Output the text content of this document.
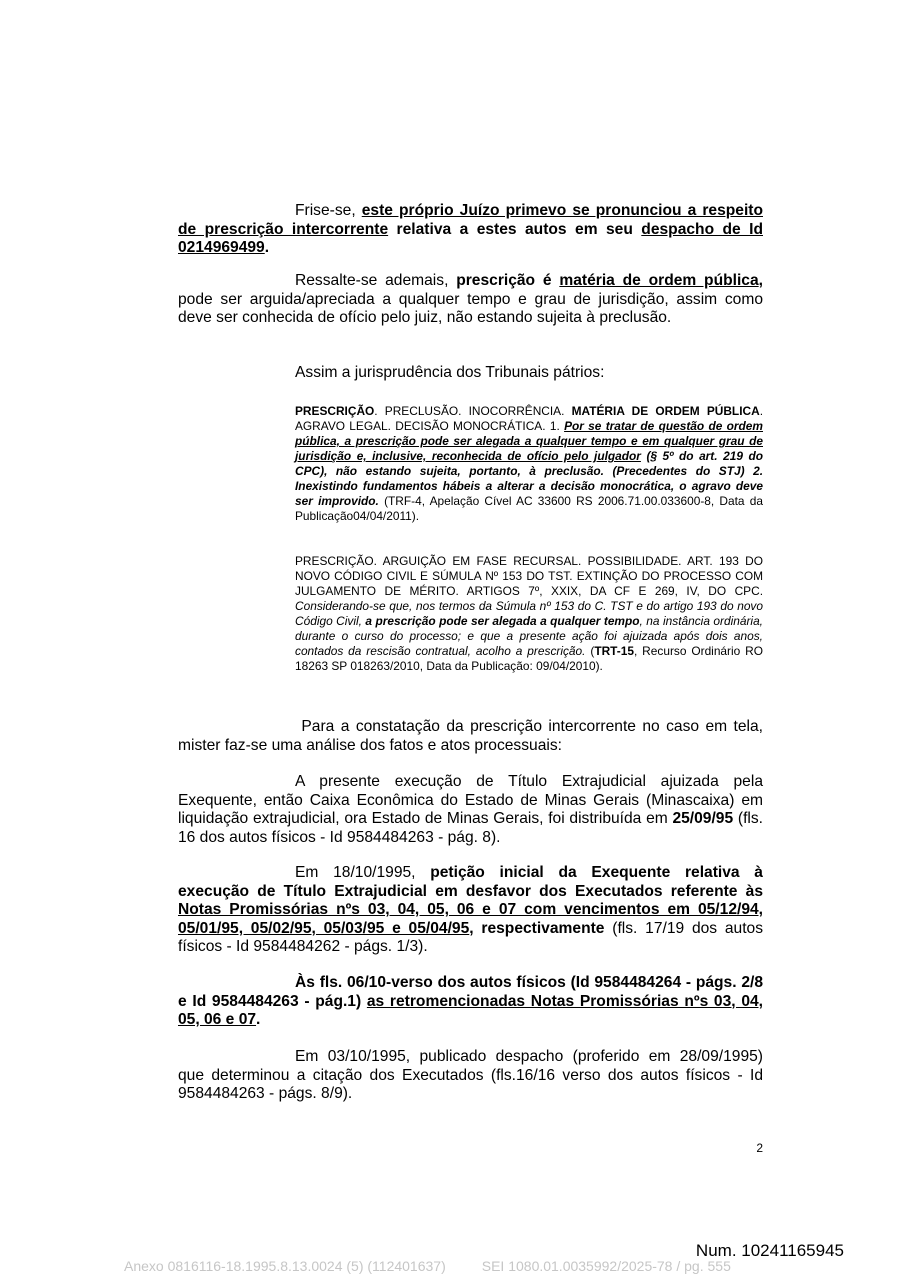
Frise-se, este próprio Juízo primevo se pronunciou a respeito de prescrição intercorrente relativa a estes autos em seu despacho de Id 0214969499.

Ressalte-se ademais, prescrição é matéria de ordem pública, pode ser arguida/apreciada a qualquer tempo e grau de jurisdição, assim como deve ser conhecida de ofício pelo juiz, não estando sujeita à preclusão.

Assim a jurisprudência dos Tribunais pátrios:

PRESCRIÇÃO. PRECLUSÃO. INOCORRÊNCIA. MATÉRIA DE ORDEM PÚBLICA. AGRAVO LEGAL. DECISÃO MONOCRÁTICA. 1. Por se tratar de questão de ordem pública, a prescrição pode ser alegada a qualquer tempo e em qualquer grau de jurisdição e, inclusive, reconhecida de ofício pelo julgador (§ 5º do art. 219 do CPC), não estando sujeita, portanto, à preclusão. (Precedentes do STJ) 2. Inexistindo fundamentos hábeis a alterar a decisão monocrática, o agravo deve ser improvido. (TRF-4, Apelação Cível AC 33600 RS 2006.71.00.033600-8, Data da Publicação04/04/2011).

PRESCRIÇÃO. ARGUIÇÃO EM FASE RECURSAL. POSSIBILIDADE. ART. 193 DO NOVO CÓDIGO CIVIL E SÚMULA Nº 153 DO TST. EXTINÇÃO DO PROCESSO COM JULGAMENTO DE MÉRITO. ARTIGOS 7º, XXIX, DA CF E 269, IV, DO CPC. Considerando-se que, nos termos da Súmula nº 153 do C. TST e do artigo 193 do novo Código Civil, a prescrição pode ser alegada a qualquer tempo, na instância ordinária, durante o curso do processo; e que a presente ação foi ajuizada após dois anos, contados da rescisão contratual, acolho a prescrição. (TRT-15, Recurso Ordinário RO 18263 SP 018263/2010, Data da Publicação: 09/04/2010).

Para a constatação da prescrição intercorrente no caso em tela, mister faz-se uma análise dos fatos e atos processuais:

A presente execução de Título Extrajudicial ajuizada pela Exequente, então Caixa Econômica do Estado de Minas Gerais (Minascaixa) em liquidação extrajudicial, ora Estado de Minas Gerais, foi distribuída em 25/09/95 (fls. 16 dos autos físicos - Id 9584484263 - pág. 8).

Em 18/10/1995, petição inicial da Exequente relativa à execução de Título Extrajudicial em desfavor dos Executados referente às Notas Promissórias nºs 03, 04, 05, 06 e 07 com vencimentos em 05/12/94, 05/01/95, 05/02/95, 05/03/95 e 05/04/95, respectivamente (fls. 17/19 dos autos físicos - Id 9584484262 - págs. 1/3).

Às fls. 06/10-verso dos autos físicos (Id 9584484264 - págs. 2/8 e Id 9584484263 - pág.1) as retromencionadas Notas Promissórias nºs 03, 04, 05, 06 e 07.

Em 03/10/1995, publicado despacho (proferido em 28/09/1995) que determinou a citação dos Executados (fls.16/16 verso dos autos físicos - Id 9584484263 - págs. 8/9).

2
Num. 10241165945
Anexo 0816116-18.1995.8.13.0024 (5) (112401637)	SEI 1080.01.0035992/2025-78 / pg. 555
